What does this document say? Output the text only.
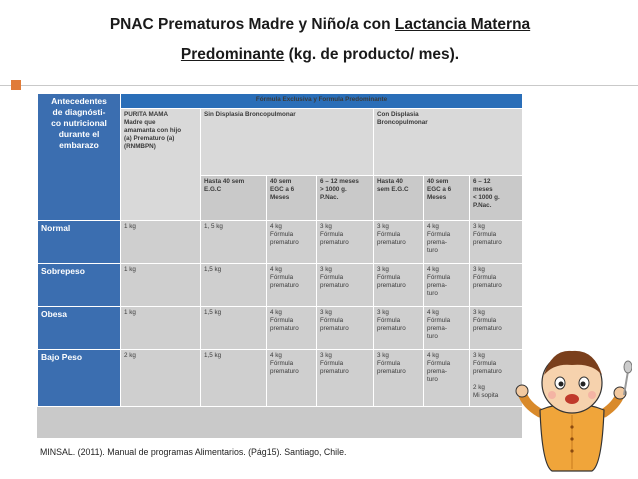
PNAC Prematuros Madre y Niño/a con Lactancia Materna
Predominante (kg. de producto/ mes).
Antecedentes
de diagnósti-
co nutricional
durante el
embarazo	Fórmula Exclusiva y Formula Predominante						
	PURITA MAMA
Madre que
amamanta con hijo
(a) Prematuro (a)
(RNMBPN)	Sin Displasia Broncopulmonar			Con Displasia
Broncopulmonar		
		Hasta 40 sem
E.G.C	40 sem
EGC a 6
Meses	6 – 12 meses
> 1000 g.
P.Nac.	Hasta 40
sem E.G.C	40 sem
EGC a 6
Meses	6 – 12
meses
< 1000 g.
P.Nac.
Normal	1 kg	1, 5 kg	4 kg
Fórmula
prematuro	3 kg
Fórmula
prematuro	3 kg
Fórmula
prematuro	4 kg
Fórmula
prema-
turo	3 kg
Fórmula
prematuro
Sobrepeso	1 kg	1,5 kg	4 kg
Fórmula
prematuro	3 kg
Fórmula
prematuro	3 kg
Fórmula
prematuro	4 kg
Fórmula
prema-
turo	3 kg
Fórmula
prematuro
Obesa	1 kg	1,5 kg	4 kg
Fórmula
prematuro	3 kg
Fórmula
prematuro	3 kg
Fórmula
prematuro	4 kg
Fórmula
prema-
turo	3 kg
Fórmula
prematuro
Bajo Peso	2 kg	1,5 kg	4 kg
Fórmula
prematuro	3 kg
Fórmula
prematuro	3 kg
Fórmula
prematuro	4 kg
Fórmula
prema-
turo	3 kg
Fórmula
prematuro

2 kg
Mi sopita
MINSAL. (2011). Manual de programas Alimentarios. (Pág15). Santiago, Chile.
